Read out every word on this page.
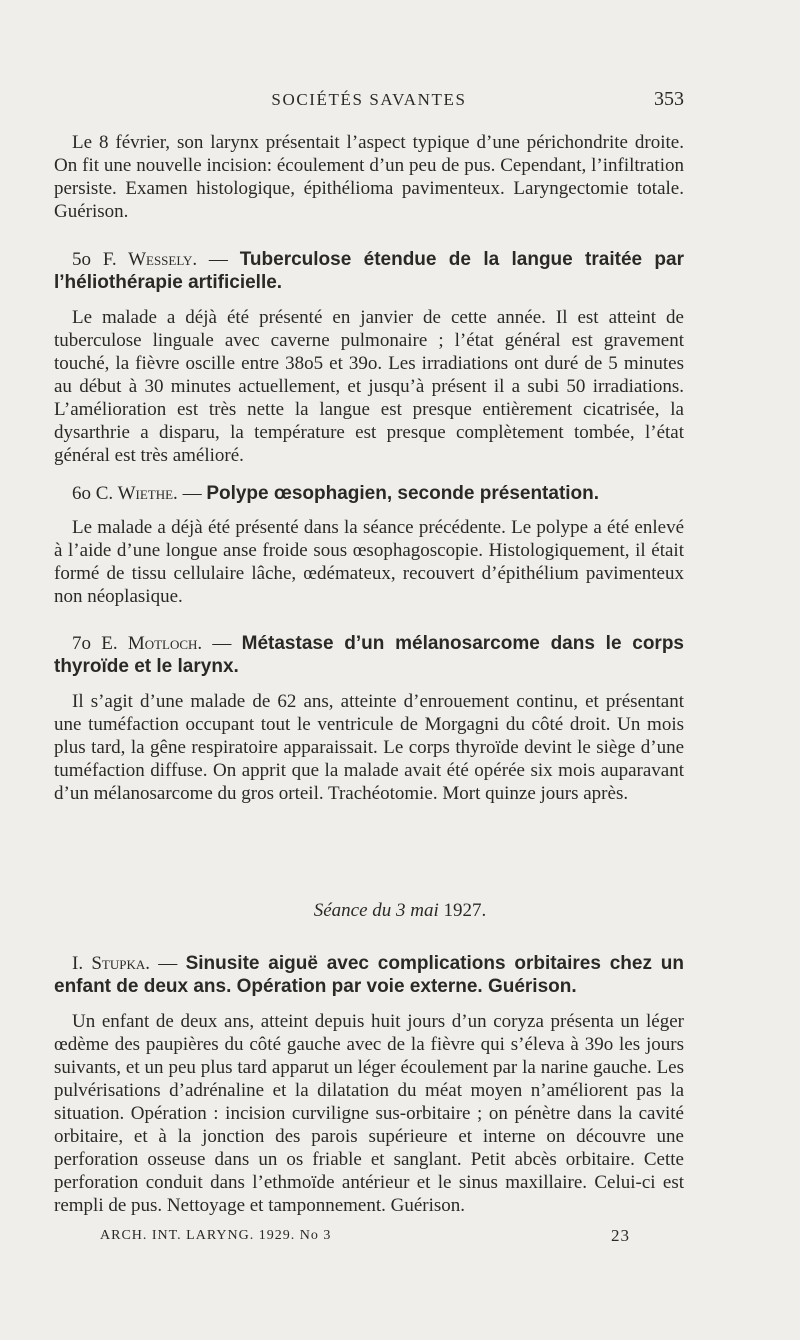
SOCIÉTÉS SAVANTES	353

Le 8 février, son larynx présentait l’aspect typique d’une périchondrite droite. On fit une nouvelle incision: écoulement d’un peu de pus. Cependant, l’infiltration persiste. Examen histologique, épithélioma pavimenteux. Laryngectomie totale. Guérison.

5o F. Wessely. — Tuberculose étendue de la langue traitée par l’héliothérapie artificielle.

Le malade a déjà été présenté en janvier de cette année. Il est atteint de tuberculose linguale avec caverne pulmonaire ; l’état général est gravement touché, la fièvre oscille entre 38o5 et 39o. Les irradiations ont duré de 5 minutes au début à 30 minutes actuellement, et jusqu’à présent il a subi 50 irradiations. L’amélioration est très nette la langue est presque entièrement cicatrisée, la dysarthrie a disparu, la température est presque complètement tombée, l’état général est très amélioré.

6o C. Wiethe. — Polype œsophagien, seconde présentation.

Le malade a déjà été présenté dans la séance précédente. Le polype a été enlevé à l’aide d’une longue anse froide sous œsophagoscopie. Histologiquement, il était formé de tissu cellulaire lâche, œdémateux, recouvert d’épithélium pavimenteux non néoplasique.

7o E. Motloch. — Métastase d’un mélanosarcome dans le corps thyroïde et le larynx.

Il s’agit d’une malade de 62 ans, atteinte d’enrouement continu, et présentant une tuméfaction occupant tout le ventricule de Morgagni du côté droit. Un mois plus tard, la gêne respiratoire apparaissait. Le corps thyroïde devint le siège d’une tuméfaction diffuse. On apprit que la malade avait été opérée six mois auparavant d’un mélanosarcome du gros orteil. Trachéotomie. Mort quinze jours après.

Séance du 3 mai 1927.

I. Stupka. — Sinusite aiguë avec complications orbitaires chez un enfant de deux ans. Opération par voie externe. Guérison.

Un enfant de deux ans, atteint depuis huit jours d’un coryza présenta un léger œdème des paupières du côté gauche avec de la fièvre qui s’éleva à 39o les jours suivants, et un peu plus tard apparut un léger écoulement par la narine gauche. Les pulvérisations d’adrénaline et la dilatation du méat moyen n’améliorent pas la situation. Opération : incision curviligne sus-orbitaire ; on pénètre dans la cavité orbitaire, et à la jonction des parois supérieure et interne on découvre une perforation osseuse dans un os friable et sanglant. Petit abcès orbitaire. Cette perforation conduit dans l’ethmoïde antérieur et le sinus maxillaire. Celui-ci est rempli de pus. Nettoyage et tamponnement. Guérison.

ARCH. INT. LARYNG. 1929. No 3	23
